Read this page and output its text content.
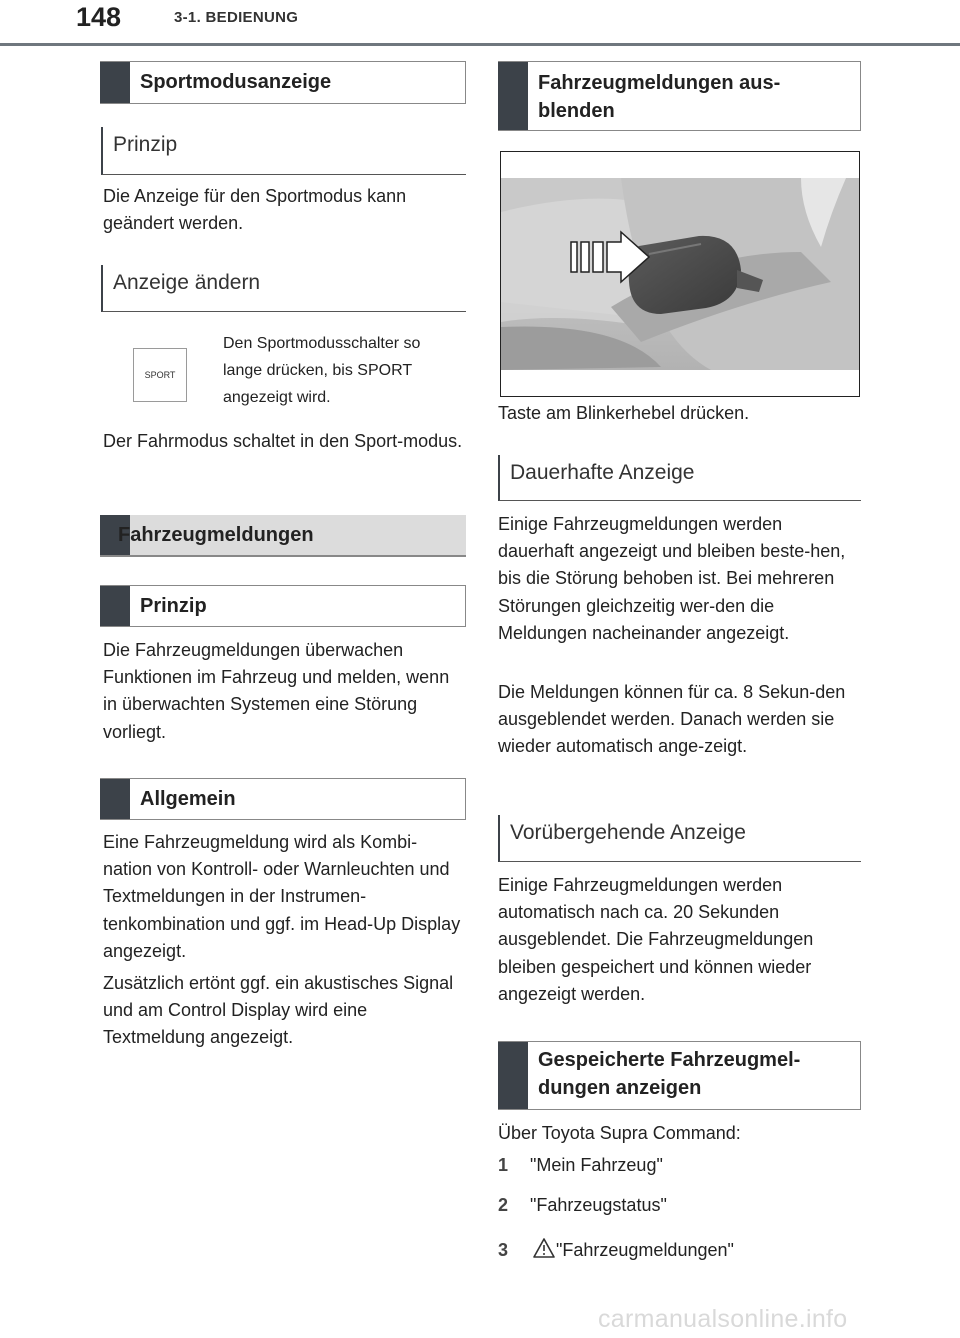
148	3-1. BEDIENUNG
Sportmodusanzeige
Prinzip

Die Anzeige für den Sportmodus kann geändert werden.

Anzeige ändern
SPORT

Den Sportmodusschalter so lange drücken, bis SPORT angezeigt wird.

Der Fahrmodus schaltet in den Sport-modus.

Fahrzeugmeldungen
Prinzip

Die Fahrzeugmeldungen überwachen Funktionen im Fahrzeug und melden, wenn in überwachten Systemen eine Störung vorliegt.

Allgemein

Eine Fahrzeugmeldung wird als Kombi-nation von Kontroll- oder Warnleuchten und Textmeldungen in der Instrumen-tenkombination und ggf. im Head-Up Display angezeigt.

Zusätzlich ertönt ggf. ein akustisches Signal und am Control Display wird eine Textmeldung angezeigt.

Fahrzeugmeldungen aus-blenden

Taste am Blinkerhebel drücken.

Dauerhafte Anzeige

Einige Fahrzeugmeldungen werden dauerhaft angezeigt und bleiben beste-hen, bis die Störung behoben ist. Bei mehreren Störungen gleichzeitig wer-den die Meldungen nacheinander angezeigt.

Die Meldungen können für ca. 8 Sekun-den ausgeblendet werden. Danach werden sie wieder automatisch ange-zeigt.

Vorübergehende Anzeige

Einige Fahrzeugmeldungen werden automatisch nach ca. 20 Sekunden ausgeblendet. Die Fahrzeugmeldungen bleiben gespeichert und können wieder angezeigt werden.

Gespeicherte Fahrzeugmel-dungen anzeigen

Über Toyota Supra Command:

1 "Mein Fahrzeug"
2 "Fahrzeugstatus"
3	"Fahrzeugmeldungen"
carmanualsonline.info
